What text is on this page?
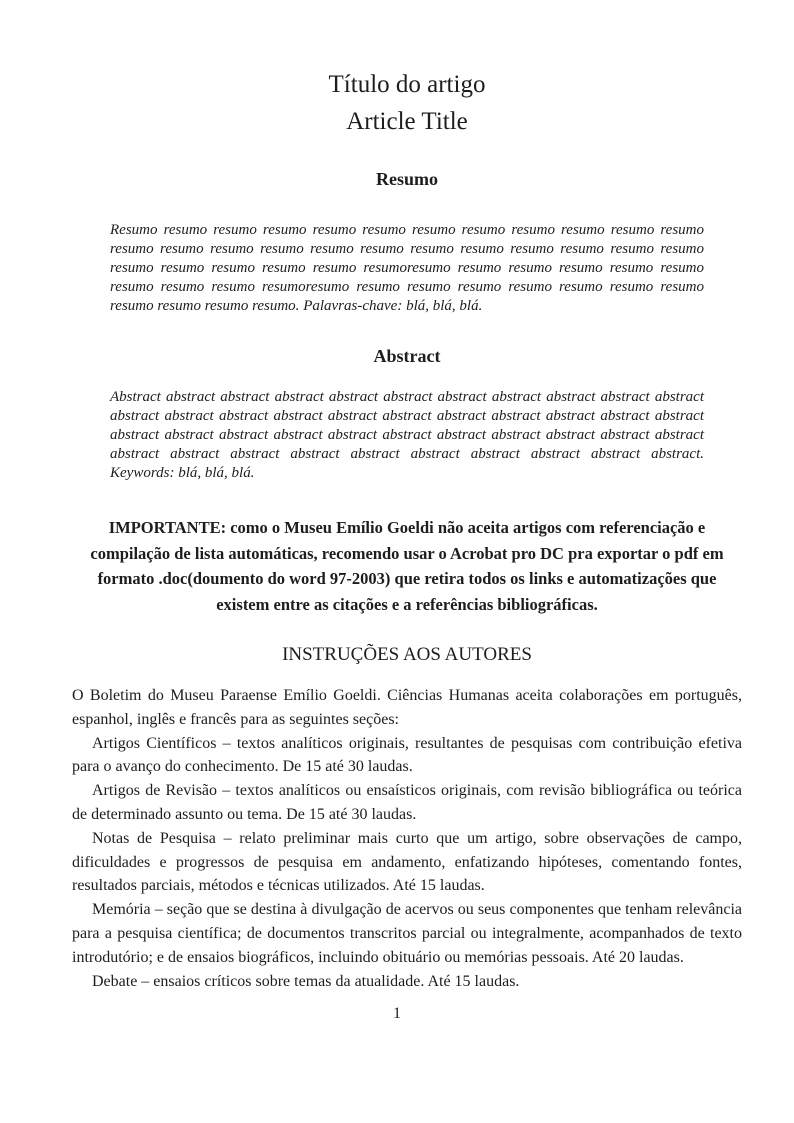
Título do artigo
Article Title
Resumo

Resumo resumo resumo resumo resumo resumo resumo resumo resumo resumo resumo resumo resumo resumo resumo resumo resumo resumo resumo resumo resumo resumo resumo resumo resumo resumo resumo resumo resumo resumoresumo resumo resumo resumo resumo resumo resumo resumo resumo resumoresumo resumo resumo resumo resumo resumo resumo resumo resumo resumo resumo resumo. Palavras-chave: blá, blá, blá.

Abstract

Abstract abstract abstract abstract abstract abstract abstract abstract abstract abstract abstract abstract abstract abstract abstract abstract abstract abstract abstract abstract abstract abstract abstract abstract abstract abstract abstract abstract abstract abstract abstract abstract abstract abstract abstract abstract abstract abstract abstract abstract abstract abstract abstract. Keywords: blá, blá, blá.

IMPORTANTE: como o Museu Emílio Goeldi não aceita artigos com referenciação e compilação de lista automáticas, recomendo usar o Acrobat pro DC pra exportar o pdf em formato .doc(doumento do word 97-2003) que retira todos os links e automatizações que existem entre as citações e a referências bibliográficas.

INSTRUÇÕES AOS AUTORES

O Boletim do Museu Paraense Emílio Goeldi. Ciências Humanas aceita colaborações em português, espanhol, inglês e francês para as seguintes seções:

Artigos Científicos – textos analíticos originais, resultantes de pesquisas com contribuição efetiva para o avanço do conhecimento. De 15 até 30 laudas.

Artigos de Revisão – textos analíticos ou ensaísticos originais, com revisão bibliográfica ou teórica de determinado assunto ou tema. De 15 até 30 laudas.

Notas de Pesquisa – relato preliminar mais curto que um artigo, sobre observações de campo, dificuldades e progressos de pesquisa em andamento, enfatizando hipóteses, comentando fontes, resultados parciais, métodos e técnicas utilizados. Até 15 laudas.

Memória – seção que se destina à divulgação de acervos ou seus componentes que tenham relevância para a pesquisa científica; de documentos transcritos parcial ou integralmente, acompanhados de texto introdutório; e de ensaios biográficos, incluindo obituário ou memórias pessoais. Até 20 laudas.

Debate – ensaios críticos sobre temas da atualidade. Até 15 laudas.

1
